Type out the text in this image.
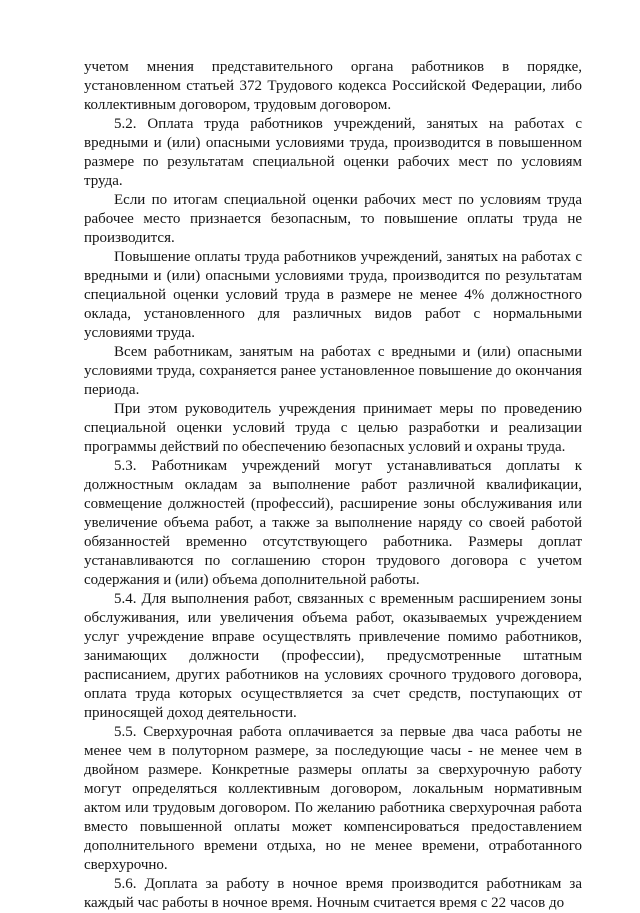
учетом мнения представительного органа работников в порядке, установленном статьей 372 Трудового кодекса Российской Федерации, либо коллективным договором, трудовым договором.

5.2. Оплата труда работников учреждений, занятых на работах с вредными и (или) опасными условиями труда, производится в повышенном размере по результатам специальной оценки рабочих мест по условиям труда.

Если по итогам специальной оценки рабочих мест по условиям труда рабочее место признается безопасным, то повышение оплаты труда не производится.

Повышение оплаты труда работников учреждений, занятых на работах с вредными и (или) опасными условиями труда, производится по результатам специальной оценки условий труда в размере не менее 4% должностного оклада, установленного для различных видов работ с нормальными условиями труда.

Всем работникам, занятым на работах с вредными и (или) опасными условиями труда, сохраняется ранее установленное повышение до окончания периода.

При этом руководитель учреждения принимает меры по проведению специальной оценки условий труда с целью разработки и реализации программы действий по обеспечению безопасных условий и охраны труда.

5.3. Работникам учреждений могут устанавливаться доплаты к должностным окладам за выполнение работ различной квалификации, совмещение должностей (профессий), расширение зоны обслуживания или увеличение объема работ, а также за выполнение наряду со своей работой обязанностей временно отсутствующего работника. Размеры доплат устанавливаются по соглашению сторон трудового договора с учетом содержания и (или) объема дополнительной работы.

5.4. Для выполнения работ, связанных с временным расширением зоны обслуживания, или увеличения объема работ, оказываемых учреждением услуг учреждение вправе осуществлять привлечение помимо работников, занимающих должности (профессии), предусмотренные штатным расписанием, других работников на условиях срочного трудового договора, оплата труда которых осуществляется за счет средств, поступающих от приносящей доход деятельности.

5.5. Сверхурочная работа оплачивается за первые два часа работы не менее чем в полуторном размере, за последующие часы - не менее чем в двойном размере. Конкретные размеры оплаты за сверхурочную работу могут определяться коллективным договором, локальным нормативным актом или трудовым договором. По желанию работника сверхурочная работа вместо повышенной оплаты может компенсироваться предоставлением дополнительного времени отдыха, но не менее времени, отработанного сверхурочно.

5.6. Доплата за работу в ночное время производится работникам за каждый час работы в ночное время. Ночным считается время с 22 часов до
